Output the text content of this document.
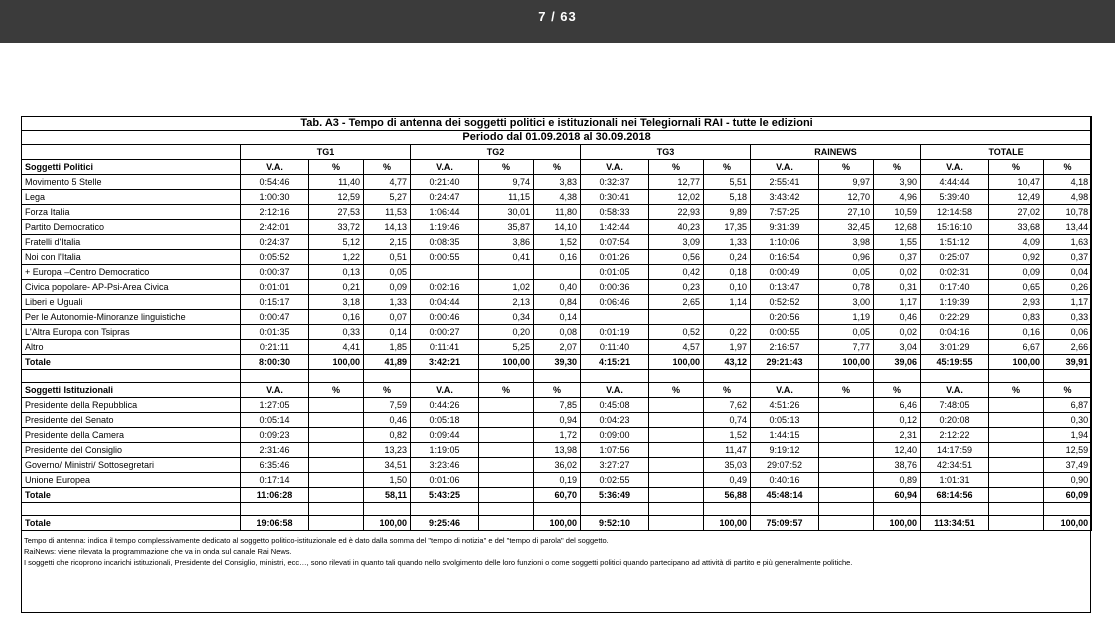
7 / 63
Tab. A3 - Tempo di antenna dei soggetti politici e istituzionali nei Telegiornali RAI - tutte le edizioni															
Periodo dal 01.09.2018 al 30.09.2018															
	TG1			TG2			TG3			RAINEWS			TOTALE		
Soggetti Politici	V.A.	%	%	V.A.	%	%	V.A.	%	%	V.A.	%	%	V.A.	%	%
Movimento 5 Stelle	0:54:46	11,40	4,77	0:21:40	9,74	3,83	0:32:37	12,77	5,51	2:55:41	9,97	3,90	4:44:44	10,47	4,18
Lega	1:00:30	12,59	5,27	0:24:47	11,15	4,38	0:30:41	12,02	5,18	3:43:42	12,70	4,96	5:39:40	12,49	4,98
Forza Italia	2:12:16	27,53	11,53	1:06:44	30,01	11,80	0:58:33	22,93	9,89	7:57:25	27,10	10,59	12:14:58	27,02	10,78
Partito Democratico	2:42:01	33,72	14,13	1:19:46	35,87	14,10	1:42:44	40,23	17,35	9:31:39	32,45	12,68	15:16:10	33,68	13,44
Fratelli d'Italia	0:24:37	5,12	2,15	0:08:35	3,86	1,52	0:07:54	3,09	1,33	1:10:06	3,98	1,55	1:51:12	4,09	1,63
Noi con l'Italia	0:05:52	1,22	0,51	0:00:55	0,41	0,16	0:01:26	0,56	0,24	0:16:54	0,96	0,37	0:25:07	0,92	0,37
+ Europa –Centro Democratico	0:00:37	0,13	0,05				0:01:05	0,42	0,18	0:00:49	0,05	0,02	0:02:31	0,09	0,04
Civica popolare- AP-Psi-Area Civica	0:01:01	0,21	0,09	0:02:16	1,02	0,40	0:00:36	0,23	0,10	0:13:47	0,78	0,31	0:17:40	0,65	0,26
Liberi e Uguali	0:15:17	3,18	1,33	0:04:44	2,13	0,84	0:06:46	2,65	1,14	0:52:52	3,00	1,17	1:19:39	2,93	1,17
Per le Autonomie-Minoranze linguistiche	0:00:47	0,16	0,07	0:00:46	0,34	0,14				0:20:56	1,19	0,46	0:22:29	0,83	0,33
L'Altra Europa con Tsipras	0:01:35	0,33	0,14	0:00:27	0,20	0,08	0:01:19	0,52	0,22	0:00:55	0,05	0,02	0:04:16	0,16	0,06
Altro	0:21:11	4,41	1,85	0:11:41	5,25	2,07	0:11:40	4,57	1,97	2:16:57	7,77	3,04	3:01:29	6,67	2,66
Totale	8:00:30	100,00	41,89	3:42:21	100,00	39,30	4:15:21	100,00	43,12	29:21:43	100,00	39,06	45:19:55	100,00	39,91

Soggetti Istituzionali	V.A.	%	%	V.A.	%	%	V.A.	%	%	V.A.	%	%	V.A.	%	%
Presidente della Repubblica	1:27:05		7,59	0:44:26		7,85	0:45:08		7,62	4:51:26		6,46	7:48:05		6,87
Presidente del Senato	0:05:14		0,46	0:05:18		0,94	0:04:23		0,74	0:05:13		0,12	0:20:08		0,30
Presidente della Camera	0:09:23		0,82	0:09:44		1,72	0:09:00		1,52	1:44:15		2,31	2:12:22		1,94
Presidente del Consiglio	2:31:46		13,23	1:19:05		13,98	1:07:56		11,47	9:19:12		12,40	14:17:59		12,59
Governo/ Ministri/ Sottosegretari	6:35:46		34,51	3:23:46		36,02	3:27:27		35,03	29:07:52		38,76	42:34:51		37,49
Unione Europea	0:17:14		1,50	0:01:06		0,19	0:02:55		0,49	0:40:16		0,89	1:01:31		0,90
Totale	11:06:28		58,11	5:43:25		60,70	5:36:49		56,88	45:48:14		60,94	68:14:56		60,09

Totale	19:06:58		100,00	9:25:46		100,00	9:52:10		100,00	75:09:57		100,00	113:34:51		100,00
Tempo di antenna: indica il tempo complessivamente dedicato al soggetto politico-istituzionale ed è dato dalla somma del "tempo di notizia" e del "tempo di parola" del soggetto.
RaiNews: viene rilevata la programmazione che va in onda sul canale Rai News.
I soggetti che ricoprono incarichi istituzionali, Presidente del Consiglio, ministri, ecc…, sono rilevati in quanto tali quando nello svolgimento delle loro funzioni o come soggetti politici quando partecipano ad attività di partito e più generalmente politiche.
